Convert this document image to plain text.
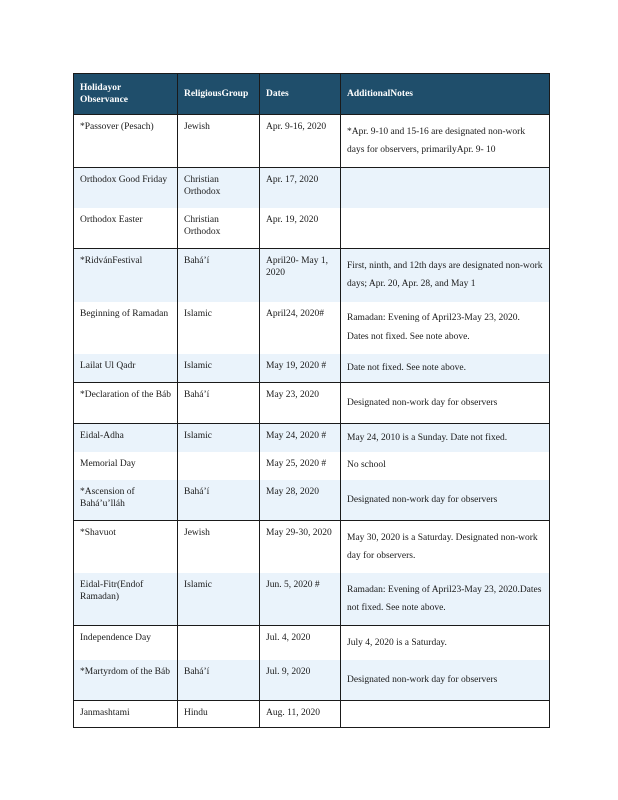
Holidayor Observance	ReligiousGroup	Dates	AdditionalNotes
*Passover (Pesach)	Jewish	Apr. 9-16, 2020	*Apr. 9-10 and 15-16 are designated non-work days for observers, primarilyApr. 9- 10

Orthodox Good Friday	Christian Orthodox	Apr. 17, 2020	

Orthodox Easter	Christian Orthodox	Apr. 19, 2020	

*RidvánFestival	Bahá’í	April20- May 1, 2020	First, ninth, and 12th days are designated non-work days; Apr. 20, Apr. 28, and May 1

Beginning of Ramadan	Islamic	April24, 2020#	Ramadan: Evening of April23-May 23, 2020. Dates not fixed. See note above.

Lailat Ul Qadr	Islamic	May 19, 2020 #	Date not fixed. See note above.

*Declaration of the Báb	Bahá’í	May 23, 2020	Designated non-work day for observers

Eidal-Adha	Islamic	May 24, 2020 #	May 24, 2010 is a Sunday. Date not fixed.

Memorial Day		May 25, 2020 #	No school

*Ascension of Bahá’u’lláh	Bahá’í	May 28, 2020	Designated non-work day for observers

*Shavuot	Jewish	May 29-30, 2020	May 30, 2020 is a Saturday. Designated non-work day for observers.

Eidal-Fitr(Endof Ramadan)	Islamic	Jun. 5, 2020 #	Ramadan: Evening of April23-May 23, 2020.Dates not fixed. See note above.

Independence Day		Jul. 4, 2020	July 4, 2020 is a Saturday.

*Martyrdom of the Báb	Bahá’í	Jul. 9, 2020	Designated non-work day for observers

Janmashtami	Hindu	Aug. 11, 2020	
